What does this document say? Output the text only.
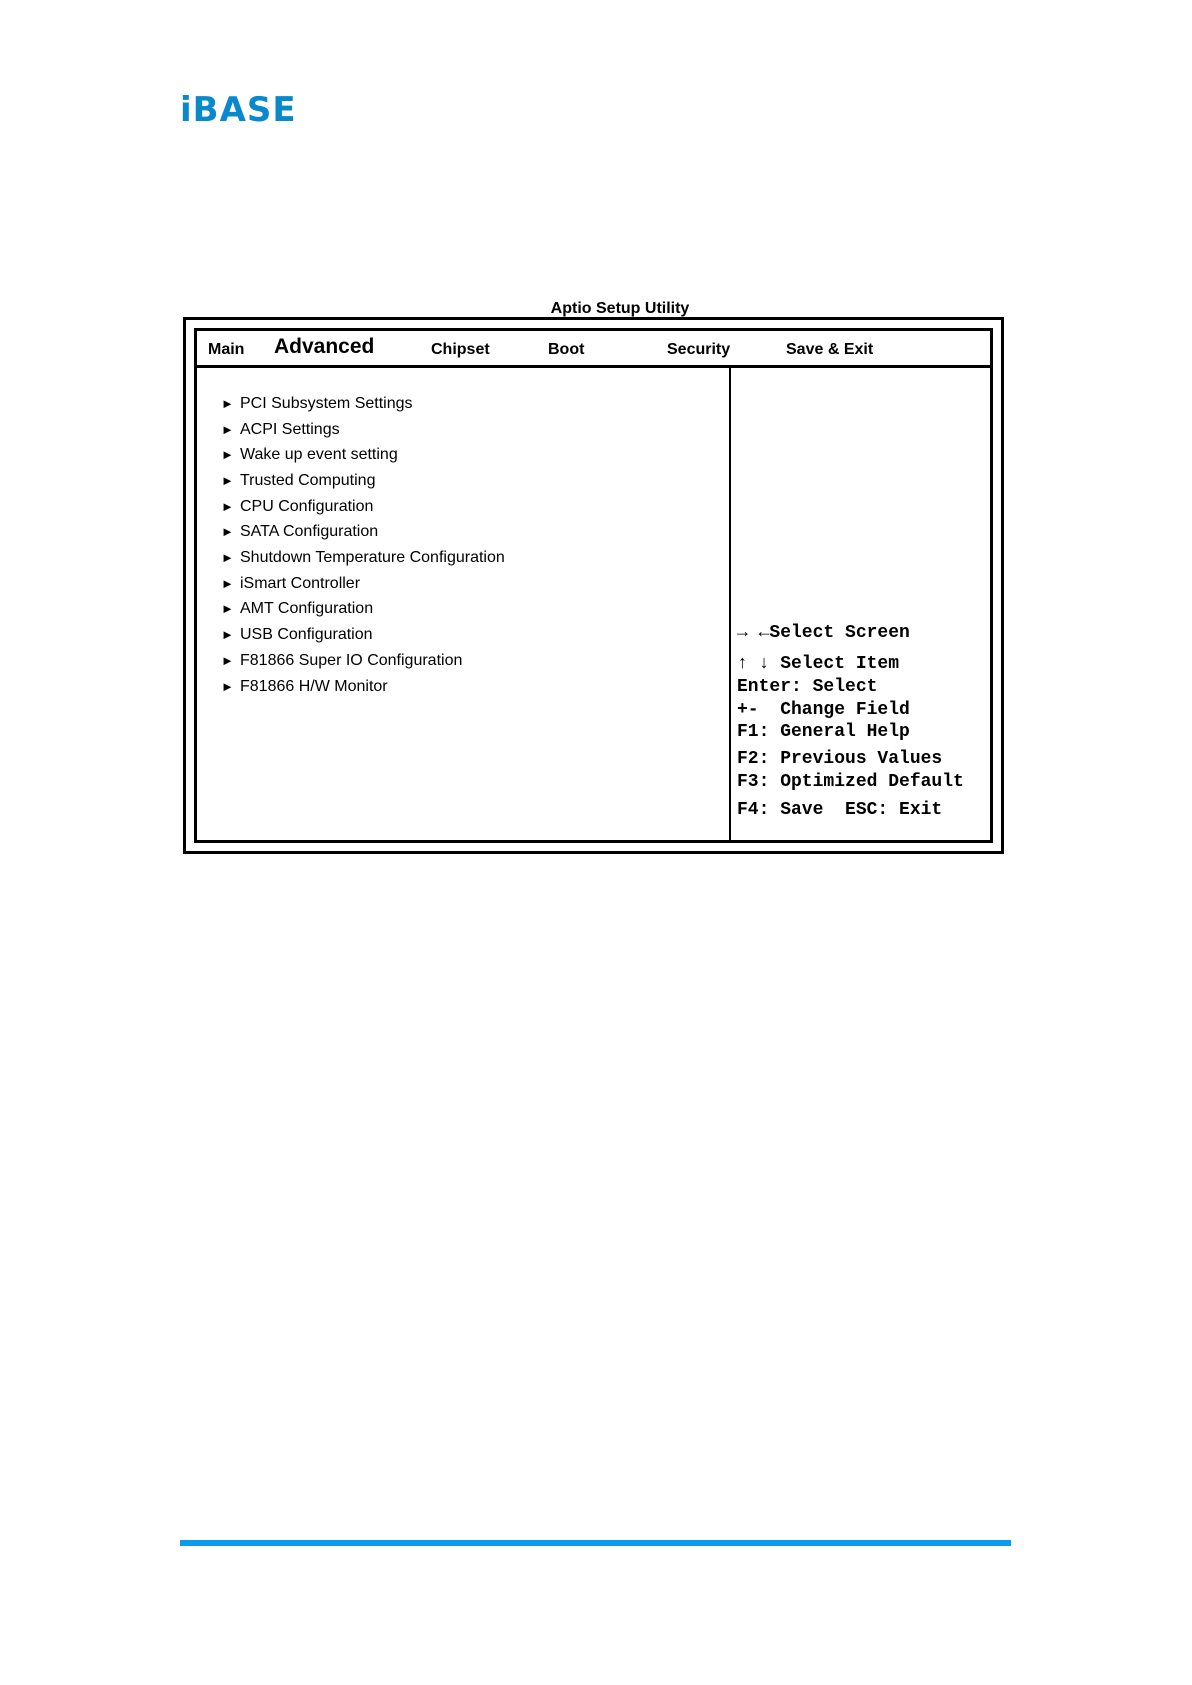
iBASE
Aptio Setup Utility
Main Advanced	Chipset	Boot	Security	Save & Exit
► PCI Subsystem Settings
► ACPI Settings
► Wake up event setting
► Trusted Computing
► CPU Configuration
► SATA Configuration
► Shutdown Temperature Configuration
► iSmart Controller
► AMT Configuration
► USB Configuration
► F81866 Super IO Configuration
► F81866 H/W Monitor
→ ←Select Screen
↑ ↓ Select Item
Enter: Select
+-  Change Field
F1: General Help
F2: Previous Values
F3: Optimized Default
F4: Save  ESC: Exit
